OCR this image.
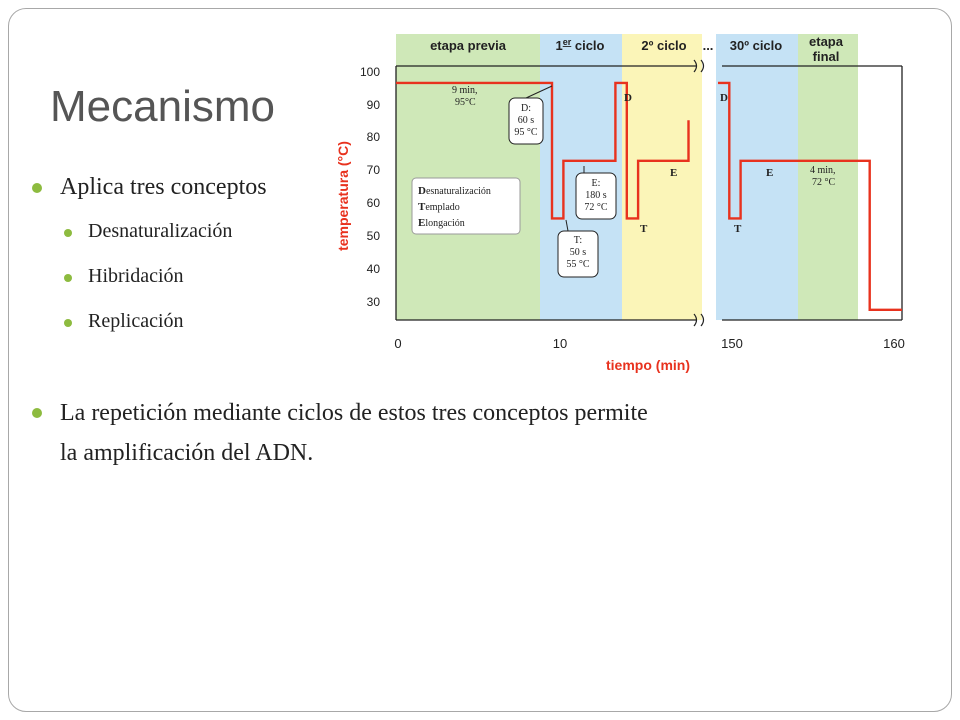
Mecanismo
Aplica tres conceptos
Desnaturalización
Hibridación
Replicación
La repetición mediante ciclos de estos tres conceptos permite
la amplificación del ADN.
etapa previa	1er ciclo	2º ciclo ... 30º ciclo etapa
final
100
90
80
70
60
50
40
30
0	10	150	160
tiempo (min)
temperatura (°C)
D
E
T
D
E
T
9 min,
95°C
D:
60 s
95 °C
E:
180 s
72 °C
T:
50 s
55 °C
4 min,
72 °C
Desnaturalización
Templado
Elongación
